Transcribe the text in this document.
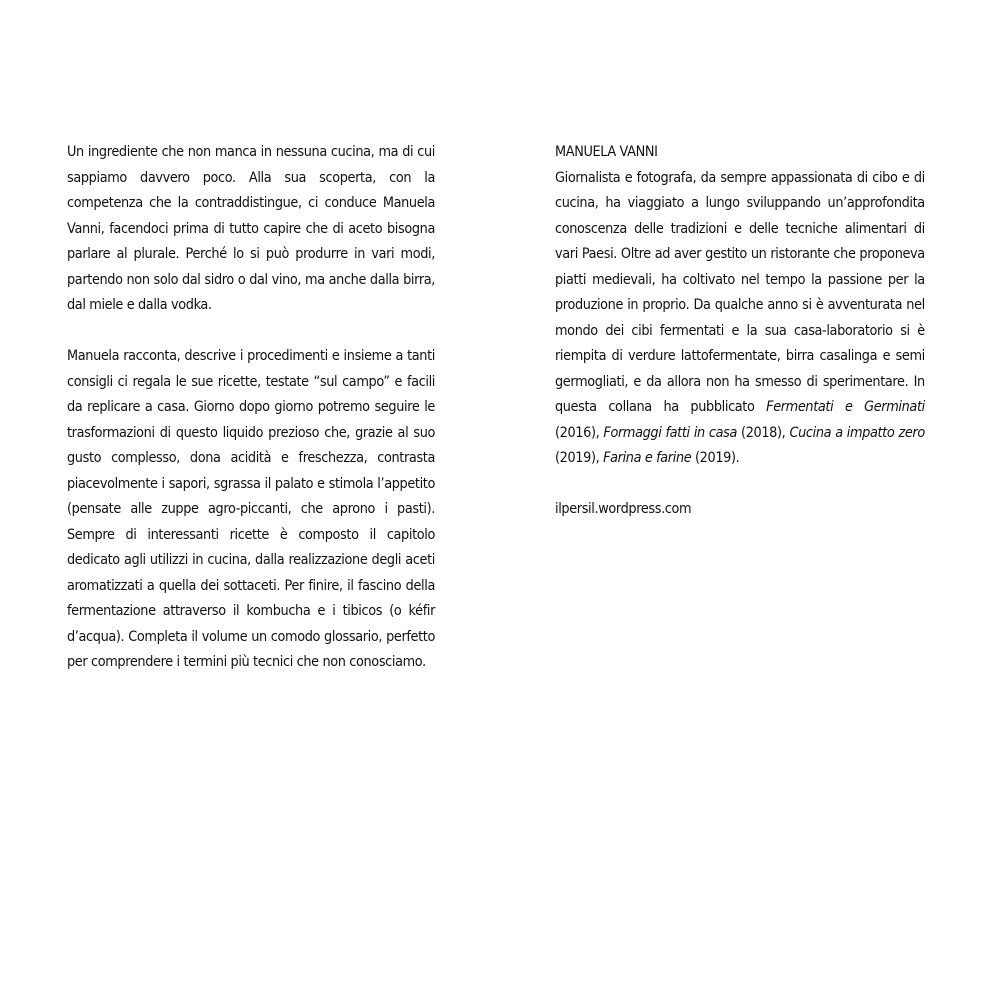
Un ingrediente che non manca in nessuna cucina, ma di cui sappiamo davvero poco. Alla sua scoperta, con la competenza che la contraddistingue, ci conduce Manuela Vanni, facendoci prima di tutto capire che di aceto bisogna parlare al plurale. Perché lo si può produrre in vari modi, partendo non solo dal sidro o dal vino, ma anche dalla birra, dal miele e dalla vodka.

Manuela racconta, descrive i procedimenti e insieme a tanti consigli ci regala le sue ricette, testate “sul campo” e facili da replicare a casa. Giorno dopo giorno potremo seguire le trasformazioni di questo liquido prezioso che, grazie al suo gusto complesso, dona acidità e freschezza, contrasta piacevolmente i sapori, sgrassa il palato e stimola l’appetito (pensate alle zuppe agro-piccanti, che aprono i pasti). Sempre di interessanti ricette è composto il capitolo dedicato agli utilizzi in cucina, dalla realizzazione degli aceti aromatizzati a quella dei sottaceti. Per finire, il fascino della fermentazione attraverso il kombucha e i tibicos (o kéfir d’acqua). Completa il volume un comodo glossario, perfetto per comprendere i termini più tecnici che non conosciamo.

MANUELA VANNI

Giornalista e fotografa, da sempre appassionata di cibo e di cucina, ha viaggiato a lungo sviluppando un’approfondita conoscenza delle tradizioni e delle tecniche alimentari di vari Paesi. Oltre ad aver gestito un ristorante che proponeva piatti medievali, ha coltivato nel tempo la passione per la produzione in proprio. Da qualche anno si è avventurata nel mondo dei cibi fermentati e la sua casa-laboratorio si è riempita di verdure lattofermentate, birra casalinga e semi germogliati, e da allora non ha smesso di sperimentare. In questa collana ha pubblicato Fermentati e Germinati (2016), Formaggi fatti in casa (2018), Cucina a impatto zero (2019), Farina e farine (2019).

ilpersil.wordpress.com
